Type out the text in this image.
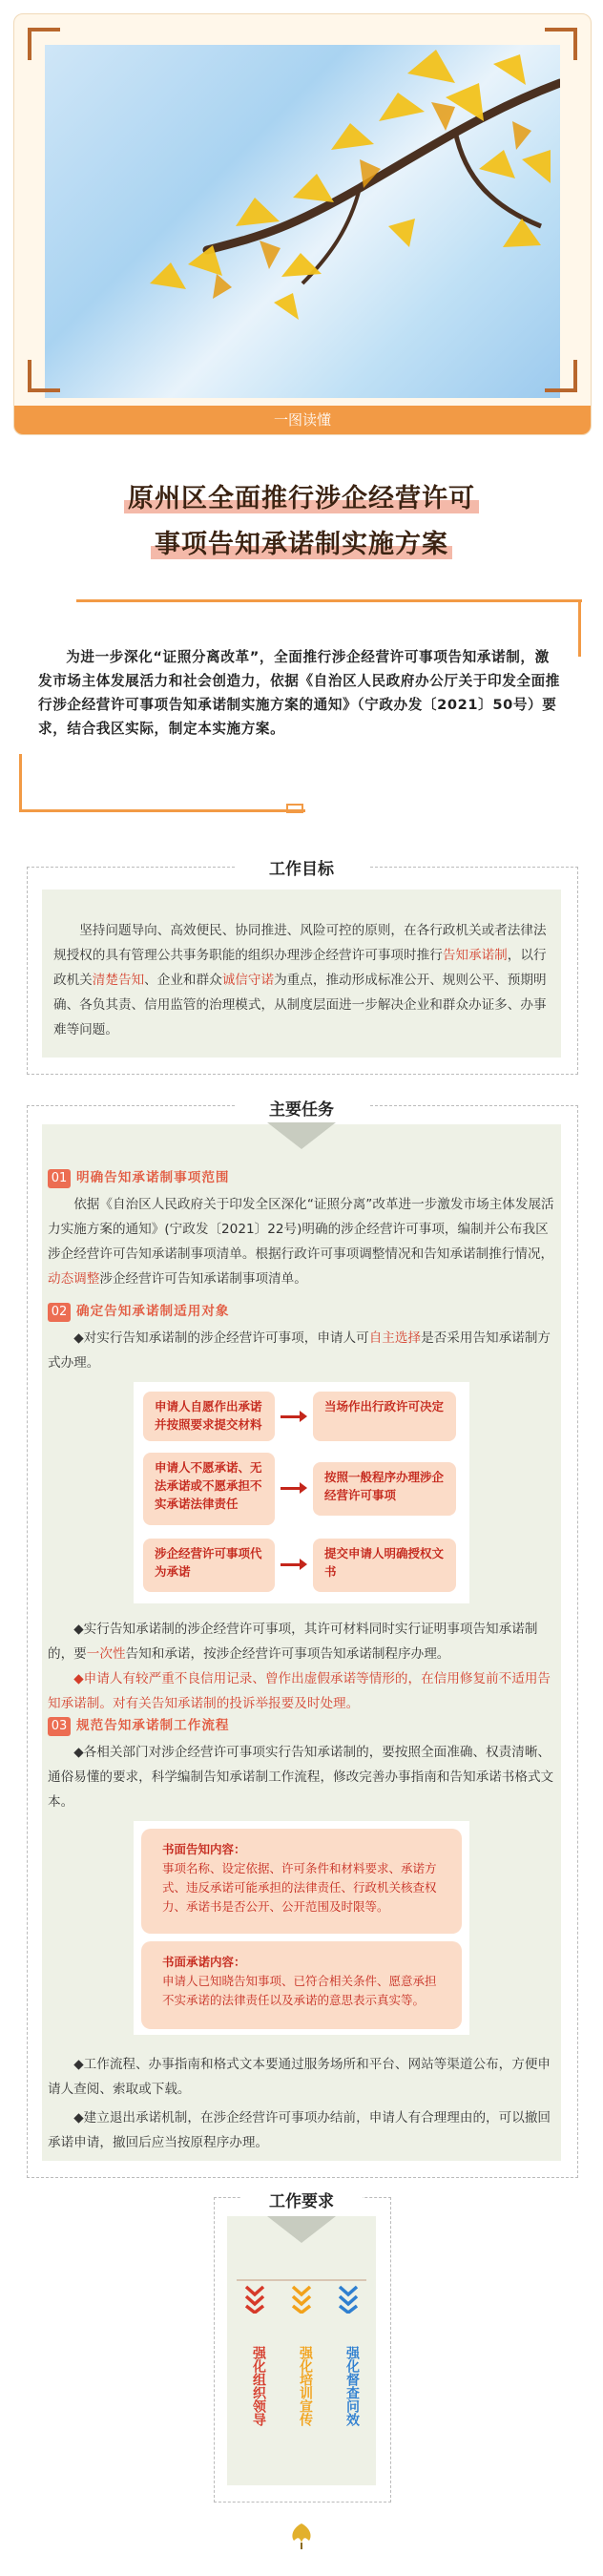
一图读懂
原州区全面推行涉企经营许可
事项告知承诺制实施方案

为进一步深化“证照分离改革”，全面推行涉企经营许可事项告知承诺制，激发市场主体发展活力和社会创造力，依据《自治区人民政府办公厅关于印发全面推行涉企经营许可事项告知承诺制实施方案的通知》（宁政办发〔2021〕50号）要求，结合我区实际，制定本实施方案。

工作目标

坚持问题导向、高效便民、协同推进、风险可控的原则，在各行政机关或者法律法规授权的具有管理公共事务职能的组织办理涉企经营许可事项时推行告知承诺制，以行政机关清楚告知、企业和群众诚信守诺为重点，推动形成标准公开、规则公平、预期明确、各负其责、信用监管的治理模式，从制度层面进一步解决企业和群众办证多、办事难等问题。

主要任务
01 明确告知承诺制事项范围

依据《自治区人民政府关于印发全区深化“证照分离”改革进一步激发市场主体发展活力实施方案的通知》(宁政发〔2021〕22号)明确的涉企经营许可事项，编制并公布我区涉企经营许可告知承诺制事项清单。根据行政许可事项调整情况和告知承诺制推行情况，动态调整涉企经营许可告知承诺制事项清单。

02 确定告知承诺制适用对象

◆对实行告知承诺制的涉企经营许可事项，申请人可自主选择是否采用告知承诺制方式办理。

申请人自愿作出承诺并按照要求提交材料
当场作出行政许可决定
申请人不愿承诺、无法承诺或不愿承担不实承诺法律责任
按照一般程序办理涉企经营许可事项
涉企经营许可事项代为承诺
提交申请人明确授权文书

◆实行告知承诺制的涉企经营许可事项，其许可材料同时实行证明事项告知承诺制的，要一次性告知和承诺，按涉企经营许可事项告知承诺制程序办理。

◆申请人有较严重不良信用记录、曾作出虚假承诺等情形的，在信用修复前不适用告知承诺制。对有关告知承诺制的投诉举报要及时处理。

03 规范告知承诺制工作流程

◆各相关部门对涉企经营许可事项实行告知承诺制的，要按照全面准确、权责清晰、通俗易懂的要求，科学编制告知承诺制工作流程，修改完善办事指南和告知承诺书格式文本。

书面告知内容：
事项名称、设定依据、许可条件和材料要求、承诺方式、违反承诺可能承担的法律责任、行政机关核查权力、承诺书是否公开、公开范围及时限等。
书面承诺内容：
申请人已知晓告知事项、已符合相关条件、愿意承担不实承诺的法律责任以及承诺的意思表示真实等。

◆工作流程、办事指南和格式文本要通过服务场所和平台、网站等渠道公布，方便申请人查阅、索取或下载。

◆建立退出承诺机制，在涉企经营许可事项办结前，申请人有合理理由的，可以撤回承诺申请，撤回后应当按原程序办理。

工作要求
强化组织领导	强化培训宣传	强化督查问效
